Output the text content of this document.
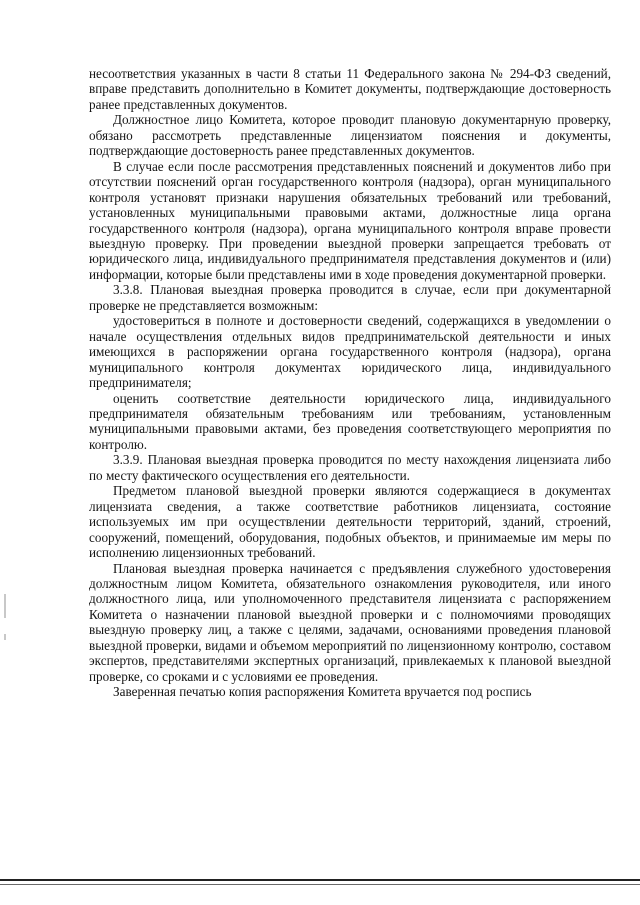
несоответствия указанных в части 8 статьи 11 Федерального закона № 294-ФЗ сведений, вправе представить дополнительно в Комитет документы, подтверждающие достоверность ранее представленных документов.

Должностное лицо Комитета, которое проводит плановую документарную проверку, обязано рассмотреть представленные лицензиатом пояснения и документы, подтверждающие достоверность ранее представленных документов.

В случае если после рассмотрения представленных пояснений и документов либо при отсутствии пояснений орган государственного контроля (надзора), орган муниципального контроля установят признаки нарушения обязательных требований или требований, установленных муниципальными правовыми актами, должностные лица органа государственного контроля (надзора), органа муниципального контроля вправе провести выездную проверку. При проведении выездной проверки запрещается требовать от юридического лица, индивидуального предпринимателя представления документов и (или) информации, которые были представлены ими в ходе проведения документарной проверки.

3.3.8. Плановая выездная проверка проводится в случае, если при документарной проверке не представляется возможным:

удостовериться в полноте и достоверности сведений, содержащихся в уведомлении о начале осуществления отдельных видов предпринимательской деятельности и иных имеющихся в распоряжении органа государственного контроля (надзора), органа муниципального контроля документах юридического лица, индивидуального предпринимателя;

оценить соответствие деятельности юридического лица, индивидуального предпринимателя обязательным требованиям или требованиям, установленным муниципальными правовыми актами, без проведения соответствующего мероприятия по контролю.

3.3.9. Плановая выездная проверка проводится по месту нахождения лицензиата либо по месту фактического осуществления его деятельности.

Предметом плановой выездной проверки являются содержащиеся в документах лицензиата сведения, а также соответствие работников лицензиата, состояние используемых им при осуществлении деятельности территорий, зданий, строений, сооружений, помещений, оборудования, подобных объектов, и принимаемые им меры по исполнению лицензионных требований.

Плановая выездная проверка начинается с предъявления служебного удостоверения должностным лицом Комитета, обязательного ознакомления руководителя, или иного должностного лица, или уполномоченного представителя лицензиата с распоряжением Комитета о назначении плановой выездной проверки и с полномочиями проводящих выездную проверку лиц, а также с целями, задачами, основаниями проведения плановой выездной проверки, видами и объемом мероприятий по лицензионному контролю, составом экспертов, представителями экспертных организаций, привлекаемых к плановой выездной проверке, со сроками и с условиями ее проведения.

Заверенная печатью копия распоряжения Комитета вручается под роспись
